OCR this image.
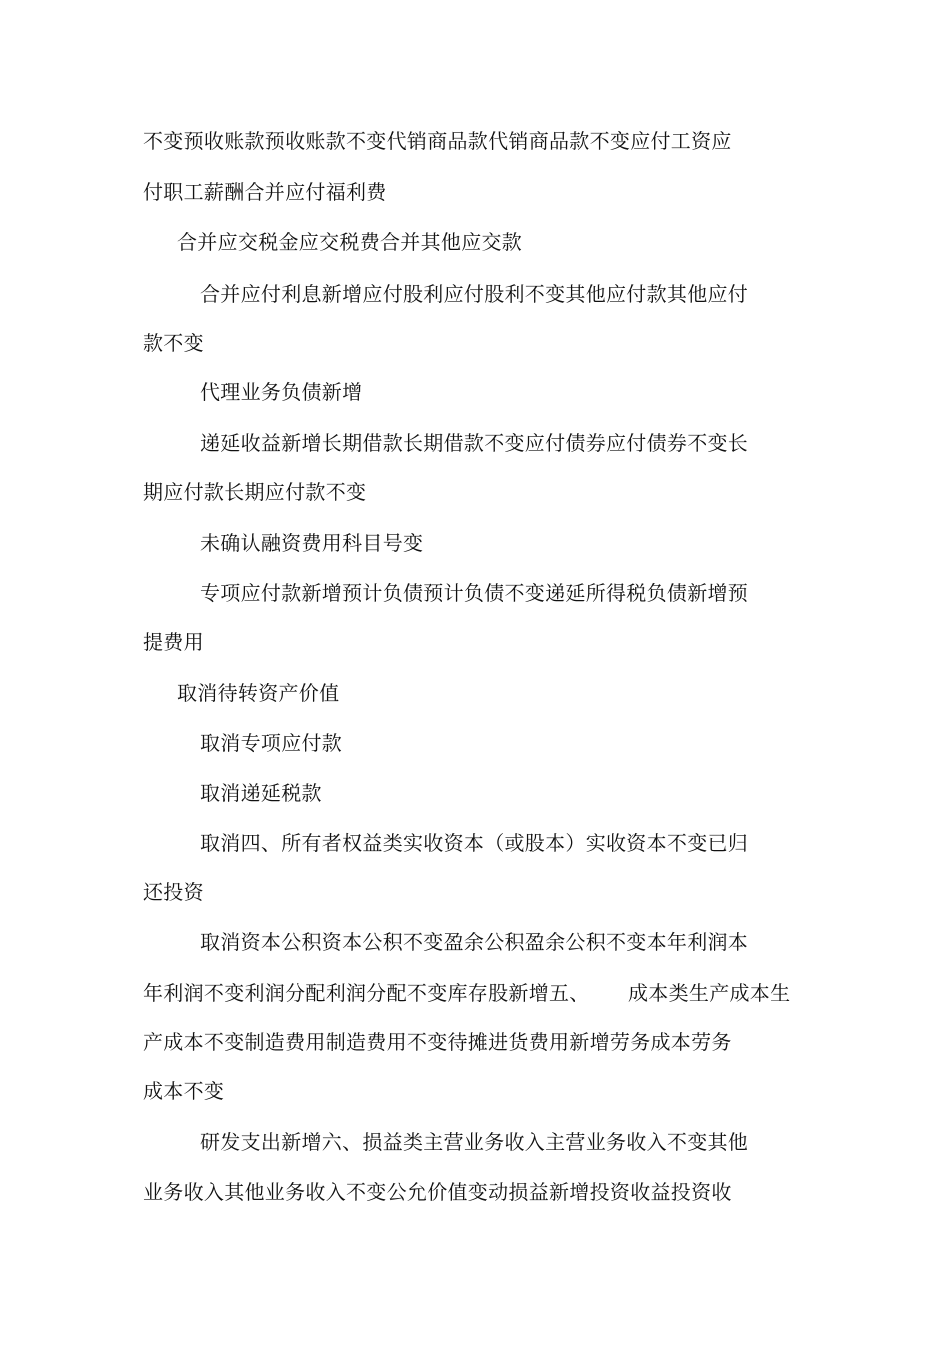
不变预收账款预收账款不变代销商品款代销商品款不变应付工资应
付职工薪酬合并应付福利费
合并应交税金应交税费合并其他应交款
合并应付利息新增应付股利应付股利不变其他应付款其他应付
款不变
代理业务负债新增
递延收益新增长期借款长期借款不变应付债券应付债券不变长
期应付款长期应付款不变
未确认融资费用科目号变
专项应付款新增预计负债预计负债不变递延所得税负债新增预
提费用
取消待转资产价值
取消专项应付款
取消递延税款
取消四、所有者权益类实收资本（或股本）实收资本不变已归
还投资
取消资本公积资本公积不变盈余公积盈余公积不变本年利润本
年利润不变利润分配利润分配不变库存股新增五、 成本类生产成本生
产成本不变制造费用制造费用不变待摊进货费用新增劳务成本劳务
成本不变
研发支出新增六、损益类主营业务收入主营业务收入不变其他
业务收入其他业务收入不变公允价值变动损益新增投资收益投资收
